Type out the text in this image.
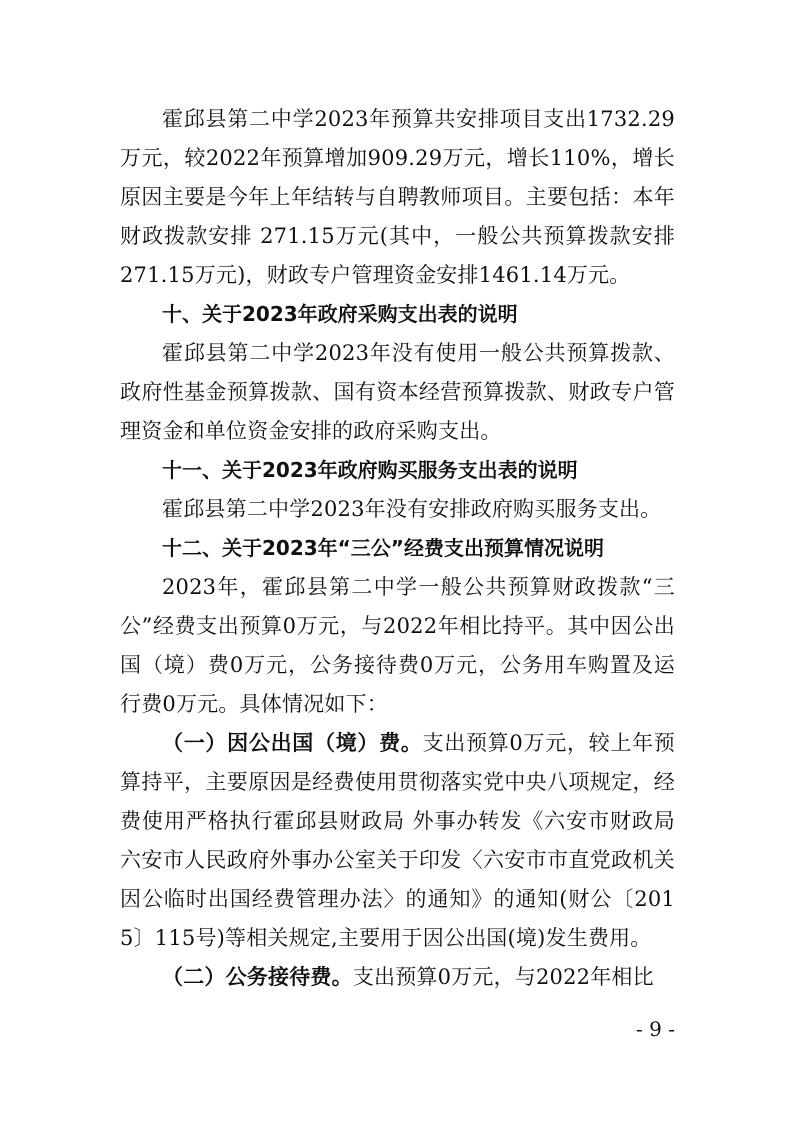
霍邱县第二中学2023年预算共安排项目支出1732.29万元，较2022年预算增加909.29万元，增长110%，增长原因主要是今年上年结转与自聘教师项目。主要包括：本年财政拨款安排 271.15万元(其中，一般公共预算拨款安排 271.15万元)，财政专户管理资金安排1461.14万元。

十、关于2023年政府采购支出表的说明

霍邱县第二中学2023年没有使用一般公共预算拨款、政府性基金预算拨款、国有资本经营预算拨款、财政专户管理资金和单位资金安排的政府采购支出。

十一、关于2023年政府购买服务支出表的说明

霍邱县第二中学2023年没有安排政府购买服务支出。

十二、关于2023年“三公”经费支出预算情况说明

2023年，霍邱县第二中学一般公共预算财政拨款“三公”经费支出预算0万元，与2022年相比持平。其中因公出国（境）费0万元，公务接待费0万元，公务用车购置及运行费0万元。具体情况如下：

（一）因公出国（境）费。支出预算0万元，较上年预算持平，主要原因是经费使用贯彻落实党中央八项规定，经费使用严格执行霍邱县财政局 外事办转发《六安市财政局六安市人民政府外事办公室关于印发〈六安市市直党政机关因公临时出国经费管理办法〉的通知》的通知(财公〔2015〕115号)等相关规定,主要用于因公出国(境)发生费用。

（二）公务接待费。支出预算0万元，与2022年相比

- 9 -
